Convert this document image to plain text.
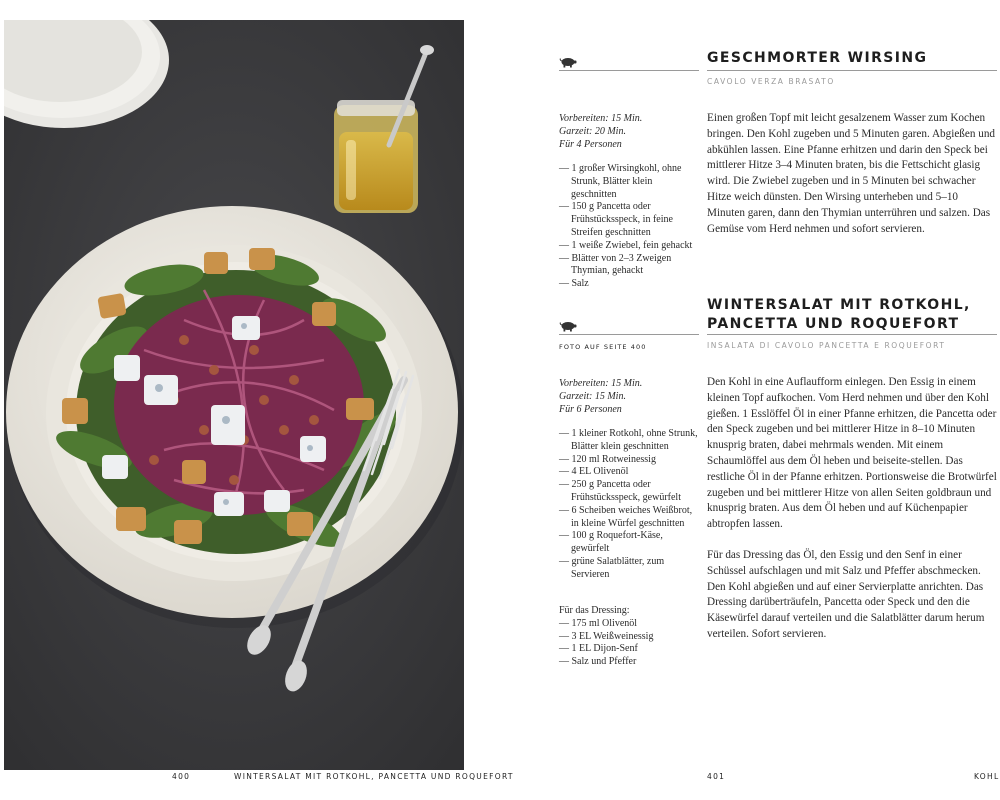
400	WINTERSALAT MIT ROTKOHL, PANCETTA UND ROQUEFORT	401	KOHL
GESCHMORTER WIRSING
CAVOLO VERZA BRASATO
Vorbereiten: 15 Min.
Garzeit: 20 Min.
Für 4 Personen
— 1 großer Wirsingkohl, ohne Strunk, Blätter klein geschnitten
— 150 g Pancetta oder Frühstücksspeck, in feine Streifen geschnitten
— 1 weiße Zwiebel, fein gehackt
— Blätter von 2–3 Zweigen Thymian, gehackt
— Salz

Einen großen Topf mit leicht gesalzenem Wasser zum Kochen bringen. Den Kohl zugeben und 5 Minuten garen. Abgießen und abkühlen lassen. Eine Pfanne erhitzen und darin den Speck bei mittlerer Hitze 3–4 Minuten braten, bis die Fettschicht glasig wird. Die Zwiebel zugeben und in 5 Minuten bei schwacher Hitze weich dünsten. Den Wirsing unterheben und 5–10 Minuten garen, dann den Thymian unterrühren und salzen. Das Gemüse vom Herd nehmen und sofort servieren.

WINTERSALAT MIT ROTKOHL,
PANCETTA UND ROQUEFORT
FOTO AUF SEITE 400	INSALATA DI CAVOLO PANCETTA E ROQUEFORT
Vorbereiten: 15 Min.
Garzeit: 15 Min.
Für 6 Personen
— 1 kleiner Rotkohl, ohne Strunk, Blätter klein geschnitten
— 120 ml Rotweinessig
— 4 EL Olivenöl
— 250 g Pancetta oder Frühstücksspeck, gewürfelt
— 6 Scheiben weiches Weißbrot, in kleine Würfel geschnitten
— 100 g Roquefort-Käse, gewürfelt
— grüne Salatblätter, zum Servieren
Für das Dressing:
— 175 ml Olivenöl
— 3 EL Weißweinessig
— 1 EL Dijon-Senf
— Salz und Pfeffer

Den Kohl in eine Auflaufform einlegen. Den Essig in einem kleinen Topf aufkochen. Vom Herd nehmen und über den Kohl gießen. 1 Esslöffel Öl in einer Pfanne erhitzen, die Pancetta oder den Speck zugeben und bei mittlerer Hitze in 8–10 Minuten knusprig braten, dabei mehrmals wenden. Mit einem Schaumlöffel aus dem Öl heben und beiseite-stellen. Das restliche Öl in der Pfanne erhitzen. Portionsweise die Brotwürfel zugeben und bei mittlerer Hitze von allen Seiten goldbraun und knusprig braten. Aus dem Öl heben und auf Küchenpapier abtropfen lassen.

Für das Dressing das Öl, den Essig und den Senf in einer Schüssel aufschlagen und mit Salz und Pfeffer abschmecken. Den Kohl abgießen und auf einer Servierplatte anrichten. Das Dressing darüberträufeln, Pancetta oder Speck und den die Käsewürfel darauf verteilen und die Salatblätter darum herum verteilen. Sofort servieren.
